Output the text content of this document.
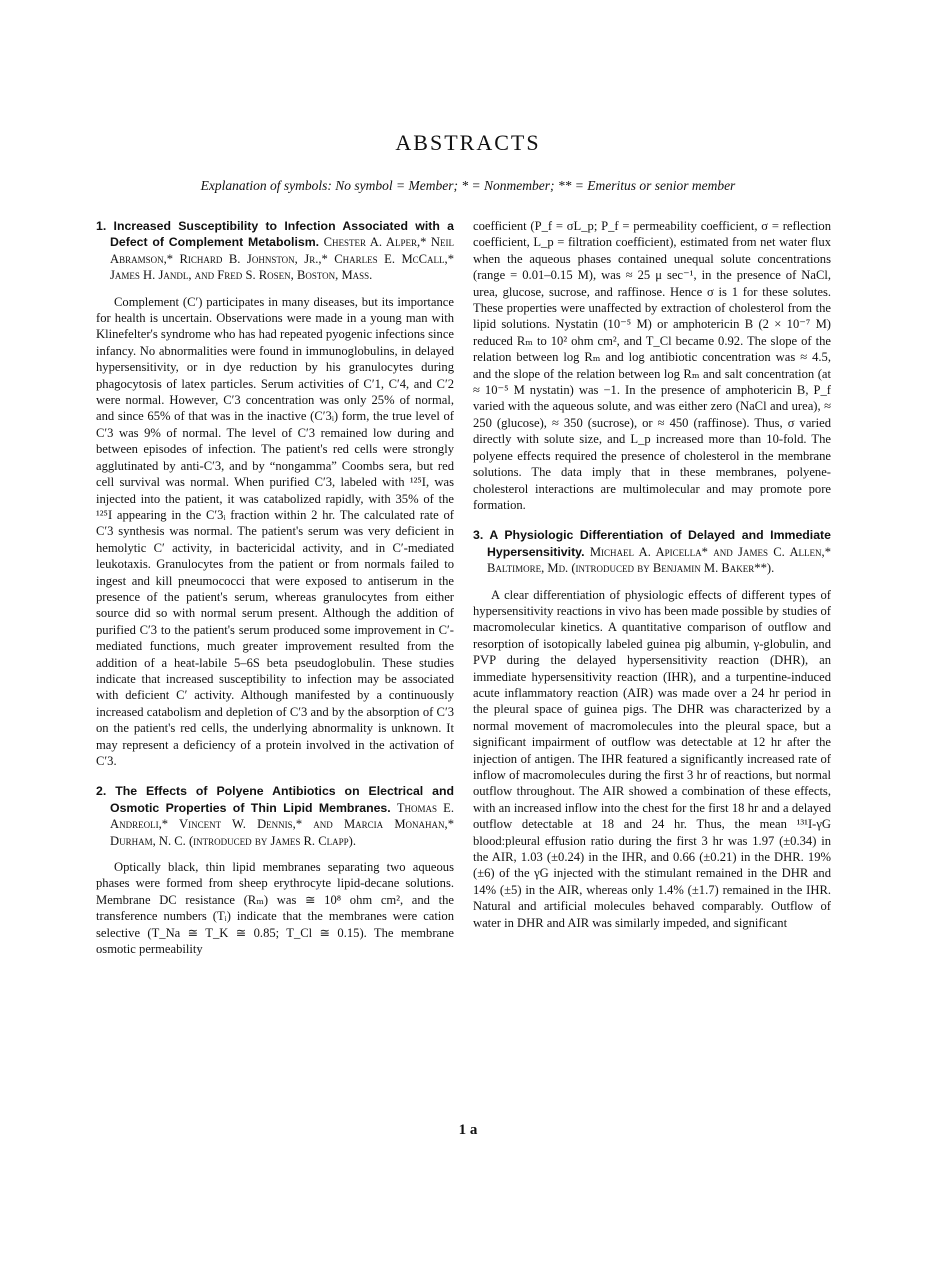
ABSTRACTS
Explanation of symbols: No symbol = Member; * = Nonmember; ** = Emeritus or senior member
1. Increased Susceptibility to Infection Associated with a Defect of Complement Metabolism. Chester A. Alper,* Neil Abramson,* Richard B. Johnston, Jr.,* Charles E. McCall,* James H. Jandl, and Fred S. Rosen, Boston, Mass.

Complement (C′) participates in many diseases, but its importance for health is uncertain. Observations were made in a young man with Klinefelter's syndrome who has had repeated pyogenic infections since infancy. No abnormalities were found in immunoglobulins, in delayed hypersensitivity, or in dye reduction by his granulocytes during phagocytosis of latex particles. Serum activities of C′1, C′4, and C′2 were normal. However, C′3 concentration was only 25% of normal, and since 65% of that was in the inactive (C′3ᵢ) form, the true level of C′3 was 9% of normal. The level of C′3 remained low during and between episodes of infection. The patient's red cells were strongly agglutinated by anti-C′3, and by “nongamma” Coombs sera, but red cell survival was normal. When purified C′3, labeled with ¹²⁵I, was injected into the patient, it was catabolized rapidly, with 35% of the ¹²⁵I appearing in the C′3ᵢ fraction within 2 hr. The calculated rate of C′3 synthesis was normal. The patient's serum was very deficient in hemolytic C′ activity, in bactericidal activity, and in C′-mediated leukotaxis. Granulocytes from the patient or from normals failed to ingest and kill pneumococci that were exposed to antiserum in the presence of the patient's serum, whereas granulocytes from either source did so with normal serum present. Although the addition of purified C′3 to the patient's serum produced some improvement in C′-mediated functions, much greater improvement resulted from the addition of a heat-labile 5–6S beta pseudoglobulin. These studies indicate that increased susceptibility to infection may be associated with deficient C′ activity. Although manifested by a continuously increased catabolism and depletion of C′3 and by the absorption of C′3 on the patient's red cells, the underlying abnormality is unknown. It may represent a deficiency of a protein involved in the activation of C′3.

2. The Effects of Polyene Antibiotics on Electrical and Osmotic Properties of Thin Lipid Membranes. Thomas E. Andreoli,* Vincent W. Dennis,* and Marcia Monahan,* Durham, N. C. (introduced by James R. Clapp).

Optically black, thin lipid membranes separating two aqueous phases were formed from sheep erythrocyte lipid-decane solutions. Membrane DC resistance (Rₘ) was ≅ 10⁸ ohm cm², and the transference numbers (Tᵢ) indicate that the membranes were cation selective (T_Na ≅ T_K ≅ 0.85; T_Cl ≅ 0.15). The membrane osmotic permeability

coefficient (P_f = σL_p; P_f = permeability coefficient, σ = reflection coefficient, L_p = filtration coefficient), estimated from net water flux when the aqueous phases contained unequal solute concentrations (range = 0.01–0.15 M), was ≈ 25 μ sec⁻¹, in the presence of NaCl, urea, glucose, sucrose, and raffinose. Hence σ is 1 for these solutes. These properties were unaffected by extraction of cholesterol from the lipid solutions. Nystatin (10⁻⁵ M) or amphotericin B (2 × 10⁻⁷ M) reduced Rₘ to 10² ohm cm², and T_Cl became 0.92. The slope of the relation between log Rₘ and log antibiotic concentration was ≈ 4.5, and the slope of the relation between log Rₘ and salt concentration (at ≈ 10⁻⁵ M nystatin) was −1. In the presence of amphotericin B, P_f varied with the aqueous solute, and was either zero (NaCl and urea), ≈ 250 (glucose), ≈ 350 (sucrose), or ≈ 450 (raffinose). Thus, σ varied directly with solute size, and L_p increased more than 10-fold. The polyene effects required the presence of cholesterol in the membrane solutions. The data imply that in these membranes, polyene-cholesterol interactions are multimolecular and may promote pore formation.

3. A Physiologic Differentiation of Delayed and Immediate Hypersensitivity. Michael A. Apicella* and James C. Allen,* Baltimore, Md. (introduced by Benjamin M. Baker**).

A clear differentiation of physiologic effects of different types of hypersensitivity reactions in vivo has been made possible by studies of macromolecular kinetics. A quantitative comparison of outflow and resorption of isotopically labeled guinea pig albumin, γ-globulin, and PVP during the delayed hypersensitivity reaction (DHR), an immediate hypersensitivity reaction (IHR), and a turpentine-induced acute inflammatory reaction (AIR) was made over a 24 hr period in the pleural space of guinea pigs. The DHR was characterized by a normal movement of macromolecules into the pleural space, but a significant impairment of outflow was detectable at 12 hr after the injection of antigen. The IHR featured a significantly increased rate of inflow of macromolecules during the first 3 hr of reactions, but normal outflow throughout. The AIR showed a combination of these effects, with an increased inflow into the chest for the first 18 hr and a delayed outflow detectable at 18 and 24 hr. Thus, the mean ¹³¹I-γG blood:pleural effusion ratio during the first 3 hr was 1.97 (±0.34) in the AIR, 1.03 (±0.24) in the IHR, and 0.66 (±0.21) in the DHR. 19% (±6) of the γG injected with the stimulant remained in the DHR and 14% (±5) in the AIR, whereas only 1.4% (±1.7) remained in the IHR. Natural and artificial molecules behaved comparably. Outflow of water in DHR and AIR was similarly impeded, and significant

1 a
